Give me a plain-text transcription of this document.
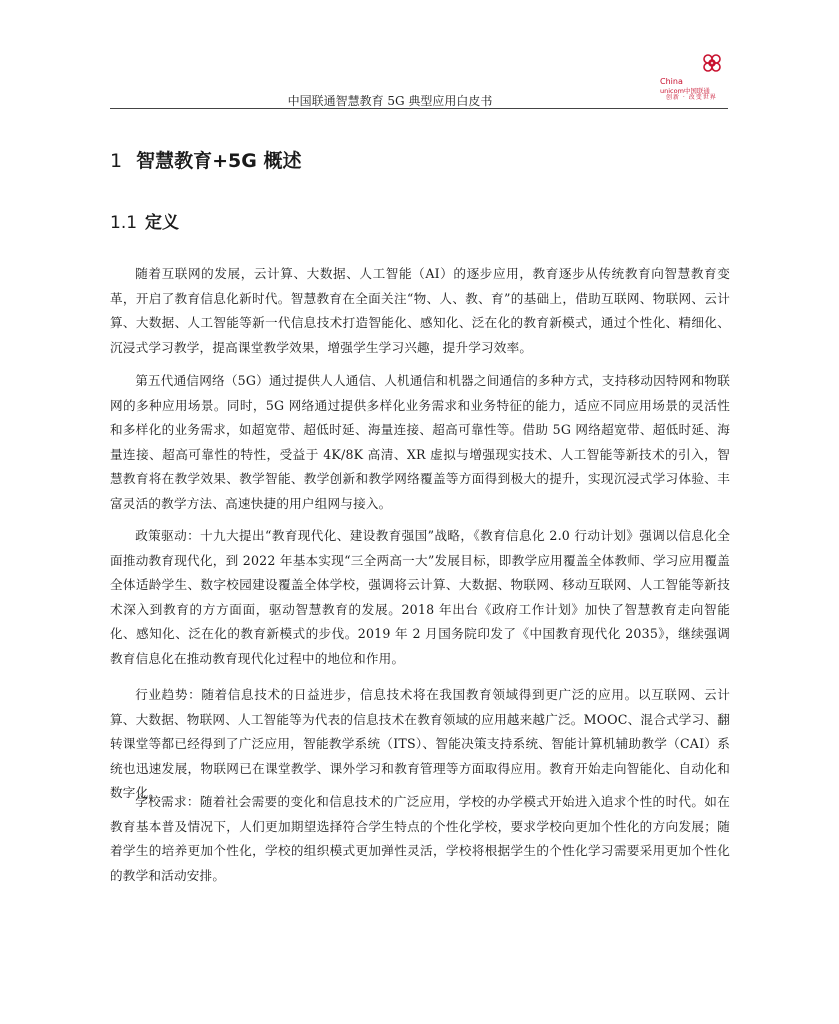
China
unicom中国联通
创新 · 改变世界
中国联通智慧教育 5G 典型应用白皮书
1 智慧教育+5G 概述
1.1 定义

随着互联网的发展，云计算、大数据、人工智能（AI）的逐步应用，教育逐步从传统教育向智慧教育变革，开启了教育信息化新时代。智慧教育在全面关注“物、人、教、育”的基础上，借助互联网、物联网、云计算、大数据、人工智能等新一代信息技术打造智能化、感知化、泛在化的教育新模式，通过个性化、精细化、沉浸式学习教学，提高课堂教学效果，增强学生学习兴趣，提升学习效率。

第五代通信网络（5G）通过提供人人通信、人机通信和机器之间通信的多种方式，支持移动因特网和物联网的多种应用场景。同时，5G 网络通过提供多样化业务需求和业务特征的能力，适应不同应用场景的灵活性和多样化的业务需求，如超宽带、超低时延、海量连接、超高可靠性等。借助 5G 网络超宽带、超低时延、海量连接、超高可靠性的特性，受益于 4K/8K 高清、XR 虚拟与增强现实技术、人工智能等新技术的引入，智慧教育将在教学效果、教学智能、教学创新和教学网络覆盖等方面得到极大的提升，实现沉浸式学习体验、丰富灵活的教学方法、高速快捷的用户组网与接入。

政策驱动：十九大提出“教育现代化、建设教育强国”战略，《教育信息化 2.0 行动计划》强调以信息化全面推动教育现代化，到 2022 年基本实现“三全两高一大”发展目标，即教学应用覆盖全体教师、学习应用覆盖全体适龄学生、数字校园建设覆盖全体学校，强调将云计算、大数据、物联网、移动互联网、人工智能等新技术深入到教育的方方面面，驱动智慧教育的发展。2018 年出台《政府工作计划》加快了智慧教育走向智能化、感知化、泛在化的教育新模式的步伐。2019 年 2 月国务院印发了《中国教育现代化 2035》，继续强调教育信息化在推动教育现代化过程中的地位和作用。

行业趋势：随着信息技术的日益进步，信息技术将在我国教育领域得到更广泛的应用。以互联网、云计算、大数据、物联网、人工智能等为代表的信息技术在教育领域的应用越来越广泛。MOOC、混合式学习、翻转课堂等都已经得到了广泛应用，智能教学系统（ITS）、智能决策支持系统、智能计算机辅助教学（CAI）系统也迅速发展，物联网已在课堂教学、课外学习和教育管理等方面取得应用。教育开始走向智能化、自动化和数字化。

学校需求：随着社会需要的变化和信息技术的广泛应用，学校的办学模式开始进入追求个性的时代。如在教育基本普及情况下，人们更加期望选择符合学生特点的个性化学校，要求学校向更加个性化的方向发展；随着学生的培养更加个性化，学校的组织模式更加弹性灵活，学校将根据学生的个性化学习需要采用更加个性化的教学和活动安排。
